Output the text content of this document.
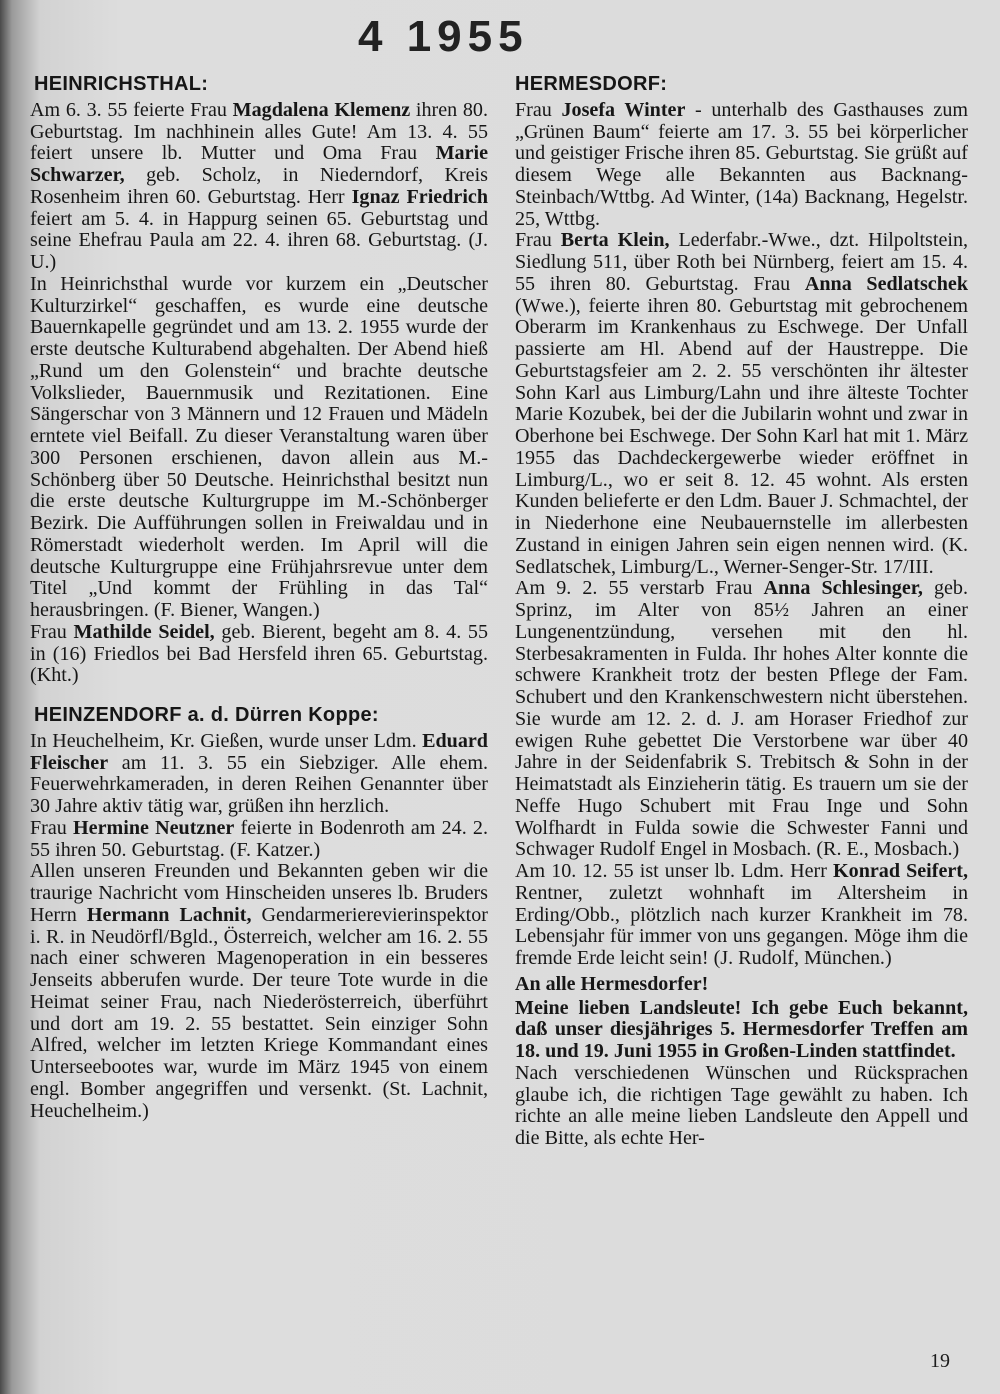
4 1955
HEINRICHSTHAL:

Am 6. 3. 55 feierte Frau Magdalena Klemenz ihren 80. Geburtstag. Im nachhinein alles Gute! Am 13. 4. 55 feiert unsere lb. Mutter und Oma Frau Marie Schwarzer, geb. Scholz, in Niederndorf, Kreis Rosenheim ihren 60. Geburtstag. Herr Ignaz Friedrich feiert am 5. 4. in Happurg seinen 65. Geburtstag und seine Ehefrau Paula am 22. 4. ihren 68. Geburtstag. (J. U.)

In Heinrichsthal wurde vor kurzem ein „Deutscher Kulturzirkel“ geschaffen, es wurde eine deutsche Bauernkapelle gegründet und am 13. 2. 1955 wurde der erste deutsche Kulturabend abgehalten. Der Abend hieß „Rund um den Golenstein“ und brachte deutsche Volkslieder, Bauernmusik und Rezitationen. Eine Sängerschar von 3 Männern und 12 Frauen und Mädeln erntete viel Beifall. Zu dieser Veranstaltung waren über 300 Personen erschienen, davon allein aus M.-Schönberg über 50 Deutsche. Heinrichsthal besitzt nun die erste deutsche Kulturgruppe im M.-Schönberger Bezirk. Die Aufführungen sollen in Freiwaldau und in Römerstadt wiederholt werden. Im April will die deutsche Kulturgruppe eine Frühjahrsrevue unter dem Titel „Und kommt der Frühling in das Tal“ herausbringen. (F. Biener, Wangen.)

Frau Mathilde Seidel, geb. Bierent, begeht am 8. 4. 55 in (16) Friedlos bei Bad Hersfeld ihren 65. Geburtstag. (Kht.)

HEINZENDORF a. d. Dürren Koppe:

In Heuchelheim, Kr. Gießen, wurde unser Ldm. Eduard Fleischer am 11. 3. 55 ein Siebziger. Alle ehem. Feuerwehrkameraden, in deren Reihen Genannter über 30 Jahre aktiv tätig war, grüßen ihn herzlich.

Frau Hermine Neutzner feierte in Bodenroth am 24. 2. 55 ihren 50. Geburtstag. (F. Katzer.)

Allen unseren Freunden und Bekannten geben wir die traurige Nachricht vom Hinscheiden unseres lb. Bruders Herrn Hermann Lachnit, Gendarmerierevierinspektor i. R. in Neudörfl/Bgld., Österreich, welcher am 16. 2. 55 nach einer schweren Magenoperation in ein besseres Jenseits abberufen wurde. Der teure Tote wurde in die Heimat seiner Frau, nach Niederösterreich, überführt und dort am 19. 2. 55 bestattet. Sein einziger Sohn Alfred, welcher im letzten Kriege Kommandant eines Unterseebootes war, wurde im März 1945 von einem engl. Bomber angegriffen und versenkt. (St. Lachnit, Heuchelheim.)

HERMESDORF:

Frau Josefa Winter - unterhalb des Gasthauses zum „Grünen Baum“ feierte am 17. 3. 55 bei körperlicher und geistiger Frische ihren 85. Geburtstag. Sie grüßt auf diesem Wege alle Bekannten aus Backnang-Steinbach/Wttbg. Ad Winter, (14a) Backnang, Hegelstr. 25, Wttbg.

Frau Berta Klein, Lederfabr.-Wwe., dzt. Hilpoltstein, Siedlung 511, über Roth bei Nürnberg, feiert am 15. 4. 55 ihren 80. Geburtstag. Frau Anna Sedlatschek (Wwe.), feierte ihren 80. Geburtstag mit gebrochenem Oberarm im Krankenhaus zu Eschwege. Der Unfall passierte am Hl. Abend auf der Haustreppe. Die Geburtstagsfeier am 2. 2. 55 verschönten ihr ältester Sohn Karl aus Limburg/Lahn und ihre älteste Tochter Marie Kozubek, bei der die Jubilarin wohnt und zwar in Oberhone bei Eschwege. Der Sohn Karl hat mit 1. März 1955 das Dachdeckergewerbe wieder eröffnet in Limburg/L., wo er seit 8. 12. 45 wohnt. Als ersten Kunden belieferte er den Ldm. Bauer J. Schmachtel, der in Niederhone eine Neubauernstelle im allerbesten Zustand in einigen Jahren sein eigen nennen wird. (K. Sedlatschek, Limburg/L., Werner-Senger-Str. 17/III.

Am 9. 2. 55 verstarb Frau Anna Schlesinger, geb. Sprinz, im Alter von 85½ Jahren an einer Lungenentzündung, versehen mit den hl. Sterbesakramenten in Fulda. Ihr hohes Alter konnte die schwere Krankheit trotz der besten Pflege der Fam. Schubert und den Krankenschwestern nicht überstehen. Sie wurde am 12. 2. d. J. am Horaser Friedhof zur ewigen Ruhe gebettet Die Verstorbene war über 40 Jahre in der Seidenfabrik S. Trebitsch & Sohn in der Heimatstadt als Einzieherin tätig. Es trauern um sie der Neffe Hugo Schubert mit Frau Inge und Sohn Wolfhardt in Fulda sowie die Schwester Fanni und Schwager Rudolf Engel in Mosbach. (R. E., Mosbach.)

Am 10. 12. 55 ist unser lb. Ldm. Herr Konrad Seifert, Rentner, zuletzt wohnhaft im Altersheim in Erding/Obb., plötzlich nach kurzer Krankheit im 78. Lebensjahr für immer von uns gegangen. Möge ihm die fremde Erde leicht sein! (J. Rudolf, München.)

An alle Hermesdorfer!

Meine lieben Landsleute! Ich gebe Euch bekannt, daß unser diesjähriges 5. Hermesdorfer Treffen am 18. und 19. Juni 1955 in Großen-Linden stattfindet.

Nach verschiedenen Wünschen und Rücksprachen glaube ich, die richtigen Tage gewählt zu haben. Ich richte an alle meine lieben Landsleute den Appell und die Bitte, als echte Her-

19
